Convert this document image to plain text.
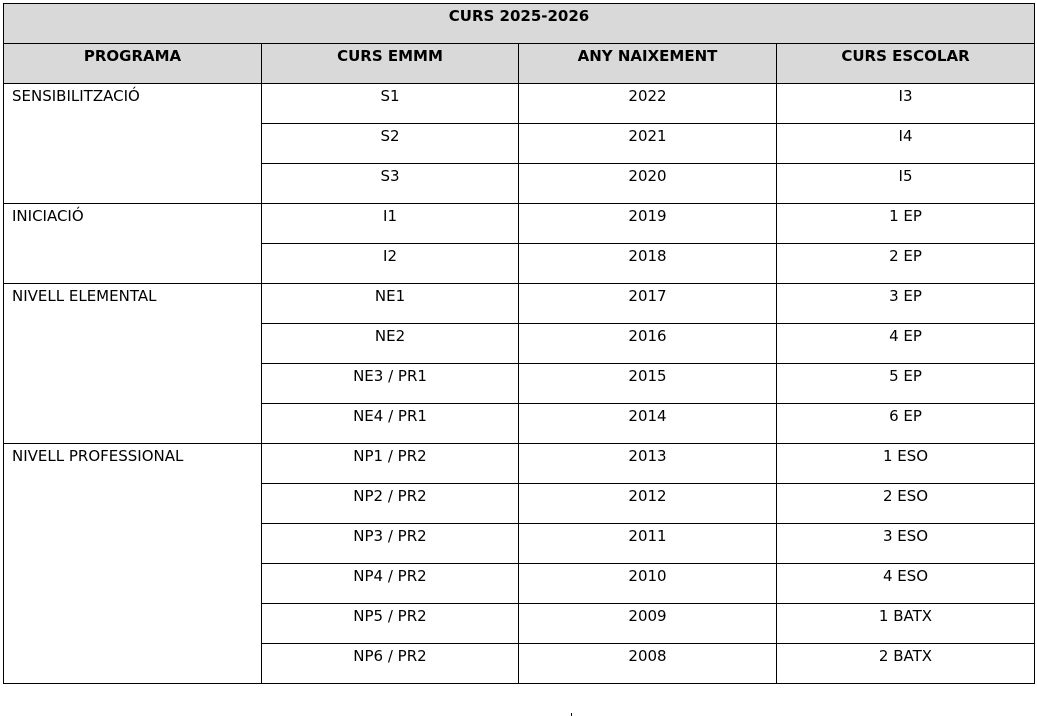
CURS 2025-2026			
PROGRAMA	CURS EMMM	ANY NAIXEMENT	CURS ESCOLAR
SENSIBILITZACIÓ	S1	2022	I3
	S2	2021	I4
	S3	2020	I5
INICIACIÓ	I1	2019	1 EP
	I2	2018	2 EP
NIVELL ELEMENTAL	NE1	2017	3 EP
	NE2	2016	4 EP
	NE3 / PR1	2015	5 EP
	NE4 / PR1	2014	6 EP
NIVELL PROFESSIONAL	NP1 / PR2	2013	1 ESO
	NP2 / PR2	2012	2 ESO
	NP3 / PR2	2011	3 ESO
	NP4 / PR2	2010	4 ESO
	NP5 / PR2	2009	1 BATX
	NP6 / PR2	2008	2 BATX
